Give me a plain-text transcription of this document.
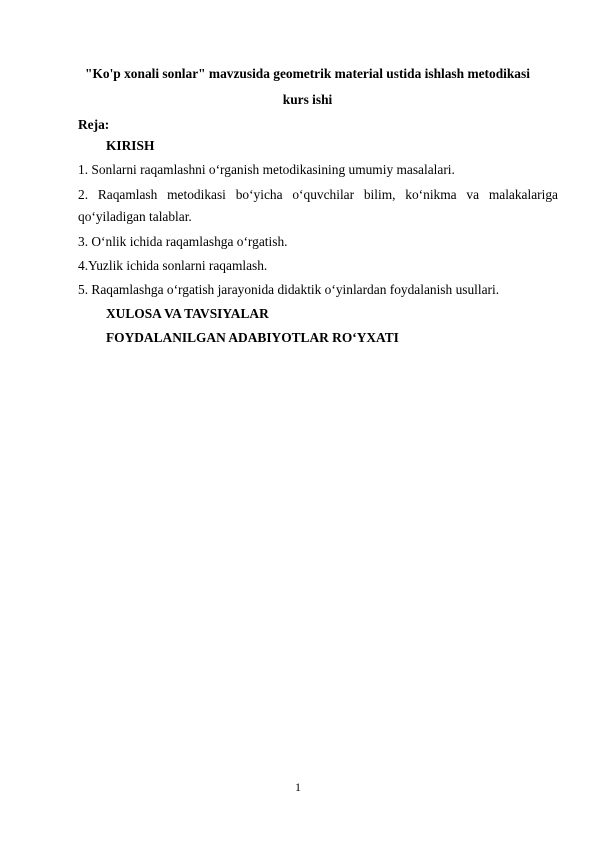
"Ko'p xonali sonlar" mavzusida geometrik material ustida ishlash metodikasi
kurs ishi
Reja:
KIRISH
1. Sonlarni raqamlashni o‘rganish metodikasining umumiy masalalari.
2. Raqamlash metodikasi bo‘yicha o‘quvchilar bilim, ko‘nikma va malakalariga
qo‘yiladigan talablar.
3. O‘nlik ichida raqamlashga o‘rgatish.
4.Yuzlik ichida sonlarni raqamlash.
5. Raqamlashga o‘rgatish jarayonida didaktik o‘yinlardan foydalanish usullari.
XULOSA VA TAVSIYALAR
FOYDALANILGAN ADABIYOTLAR RO‘YXATI
1
